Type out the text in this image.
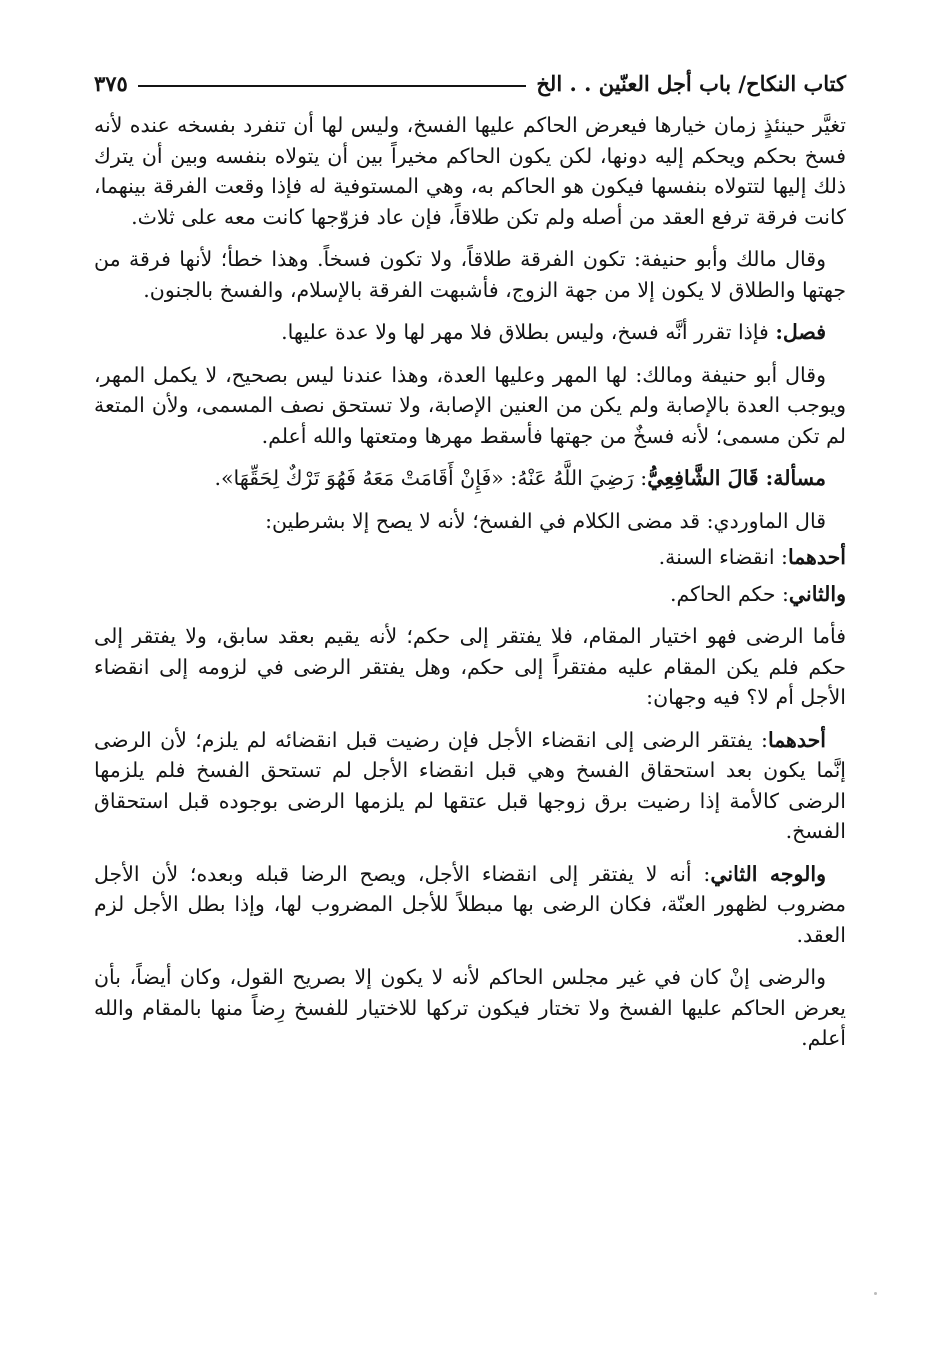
كتاب النكاح/ باب أجل العنّين . . الخ
٣٧٥

تغيَّر حينئذٍ زمان خيارها فيعرض الحاكم عليها الفسخ، وليس لها أن تنفرد بفسخه عنده لأنه فسخ بحكم ويحكم إليه دونها، لكن يكون الحاكم مخيراً بين أن يتولاه بنفسه وبين أن يترك ذلك إليها لتتولاه بنفسها فيكون هو الحاكم به، وهي المستوفية له فإذا وقعت الفرقة بينهما، كانت فرقة ترفع العقد من أصله ولم تكن طلاقاً، فإن عاد فزوّجها كانت معه على ثلاث.

وقال مالك وأبو حنيفة: تكون الفرقة طلاقاً، ولا تكون فسخاً. وهذا خطأ؛ لأنها فرقة من جهتها والطلاق لا يكون إلا من جهة الزوج، فأشبهت الفرقة بالإسلام، والفسخ بالجنون.

فصل: فإذا تقرر أنَّه فسخ، وليس بطلاق فلا مهر لها ولا عدة عليها.

وقال أبو حنيفة ومالك: لها المهر وعليها العدة، وهذا عندنا ليس بصحيح، لا يكمل المهر، ويوجب العدة بالإصابة ولم يكن من العنين الإصابة، ولا تستحق نصف المسمى، ولأن المتعة لم تكن مسمى؛ لأنه فسخٌ من جهتها فأسقط مهرها ومتعتها والله أعلم.

مسألة: قَالَ الشَّافِعِيُّ: رَضِيَ اللَّهُ عَنْهُ: «فَإِنْ أَقَامَتْ مَعَهُ فَهُوَ تَرْكٌ لِحَقِّهَا».

قال الماوردي: قد مضى الكلام في الفسخ؛ لأنه لا يصح إلا بشرطين:

أحدهما: انقضاء السنة.

والثاني: حكم الحاكم.

فأما الرضى فهو اختيار المقام، فلا يفتقر إلى حكم؛ لأنه يقيم بعقد سابق، ولا يفتقر إلى حكم فلم يكن المقام عليه مفتقراً إلى حكم، وهل يفتقر الرضى في لزومه إلى انقضاء الأجل أم لا؟ فيه وجهان:

أحدهما: يفتقر الرضى إلى انقضاء الأجل فإن رضيت قبل انقضائه لم يلزم؛ لأن الرضى إنَّما يكون بعد استحقاق الفسخ وهي قبل انقضاء الأجل لم تستحق الفسخ فلم يلزمها الرضى كالأمة إذا رضيت برق زوجها قبل عتقها لم يلزمها الرضى بوجوده قبل استحقاق الفسخ.

والوجه الثاني: أنه لا يفتقر إلى انقضاء الأجل، ويصح الرضا قبله وبعده؛ لأن الأجل مضروب لظهور العنّة، فكان الرضى بها مبطلاً للأجل المضروب لها، وإذا بطل الأجل لزم العقد.

والرضى إنْ كان في غير مجلس الحاكم لأنه لا يكون إلا بصريح القول، وكان أيضاً، بأن يعرض الحاكم عليها الفسخ ولا تختار فيكون تركها للاختيار للفسخ رِضاً منها بالمقام والله أعلم.
